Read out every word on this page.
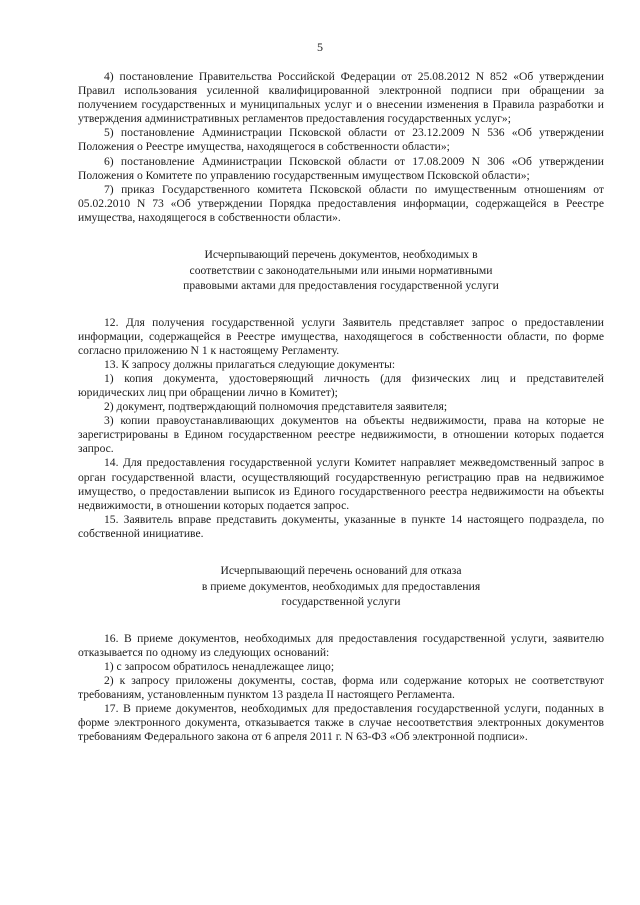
5

4) постановление Правительства Российской Федерации от 25.08.2012 N 852 «Об утверждении Правил использования усиленной квалифицированной электронной подписи при обращении за получением государственных и муниципальных услуг и о внесении изменения в Правила разработки и утверждения административных регламентов предоставления государственных услуг»;

5) постановление Администрации Псковской области от 23.12.2009 N 536 «Об утверждении Положения о Реестре имущества, находящегося в собственности области»;

6) постановление Администрации Псковской области от 17.08.2009 N 306 «Об утверждении Положения о Комитете по управлению государственным имуществом Псковской области»;

7) приказ Государственного комитета Псковской области по имущественным отношениям от 05.02.2010 N 73 «Об утверждении Порядка предоставления информации, содержащейся в Реестре имущества, находящегося в собственности области».

Исчерпывающий перечень документов, необходимых в
соответствии с законодательными или иными нормативными
правовыми актами для предоставления государственной услуги

12. Для получения государственной услуги Заявитель представляет запрос о предоставлении информации, содержащейся в Реестре имущества, находящегося в собственности области, по форме согласно приложению N 1 к настоящему Регламенту.

13. К запросу должны прилагаться следующие документы:

1) копия документа, удостоверяющий личность (для физических лиц и представителей юридических лиц при обращении лично в Комитет);

2) документ, подтверждающий полномочия представителя заявителя;

3) копии правоустанавливающих документов на объекты недвижимости, права на которые не зарегистрированы в Едином государственном реестре недвижимости, в отношении которых подается запрос.

14. Для предоставления государственной услуги Комитет направляет межведомственный запрос в орган государственной власти, осуществляющий государственную регистрацию прав на недвижимое имущество, о предоставлении выписок из Единого государственного реестра недвижимости на объекты недвижимости, в отношении которых подается запрос.

15. Заявитель вправе представить документы, указанные в пункте 14 настоящего подраздела, по собственной инициативе.

Исчерпывающий перечень оснований для отказа
в приеме документов, необходимых для предоставления
государственной услуги

16. В приеме документов, необходимых для предоставления государственной услуги, заявителю отказывается по одному из следующих оснований:

1) с запросом обратилось ненадлежащее лицо;

2) к запросу приложены документы, состав, форма или содержание которых не соответствуют требованиям, установленным пунктом 13 раздела II настоящего Регламента.

17. В приеме документов, необходимых для предоставления государственной услуги, поданных в форме электронного документа, отказывается также в случае несоответствия электронных документов требованиям Федерального закона от 6 апреля 2011 г. N 63-ФЗ «Об электронной подписи».
